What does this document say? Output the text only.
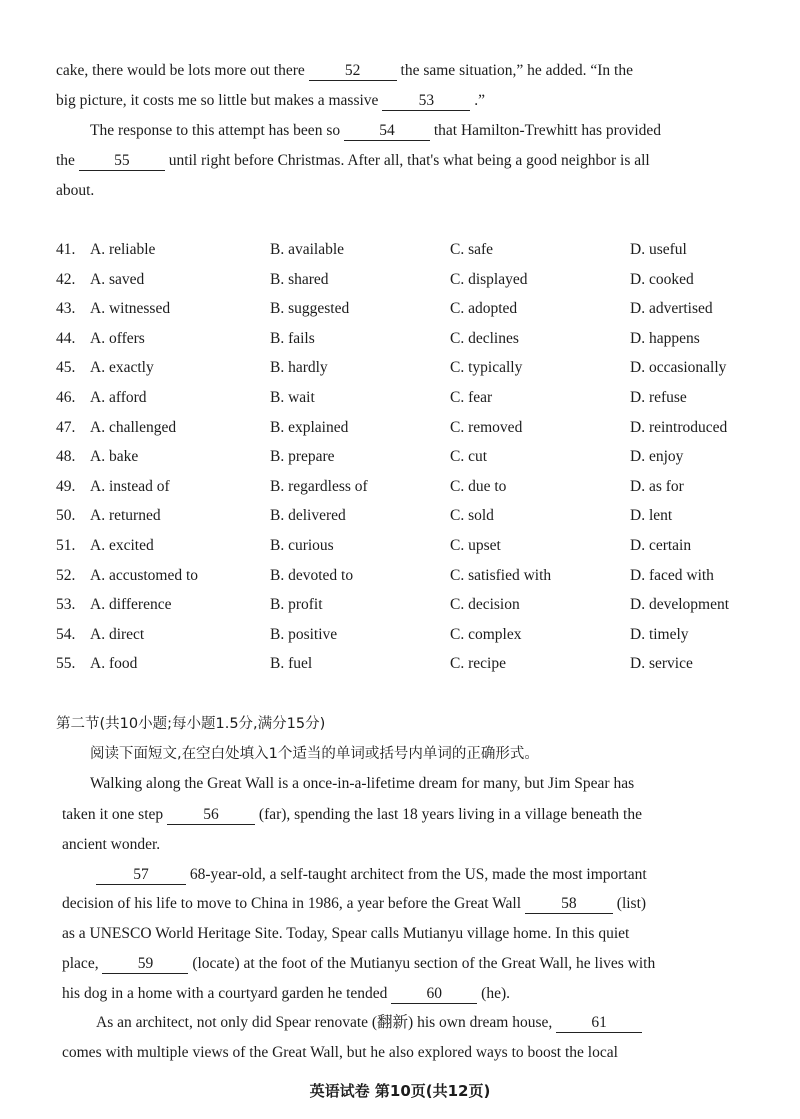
cake, there would be lots more out there	52	the same situation,” he added. “In the
big picture, it costs me so little but makes a massive	53	.”
The response to this attempt has been so	54	that Hamilton-Trewhitt has provided
the	55	until right before Christmas. After all, that's what being a good neighbor is all
about.
41. A. reliable	B. available	C. safe	D. useful
42. A. saved	B. shared	C. displayed	D. cooked
43. A. witnessed	B. suggested	C. adopted	D. advertised
44. A. offers	B. fails	C. declines	D. happens
45. A. exactly	B. hardly	C. typically	D. occasionally
46. A. afford	B. wait	C. fear	D. refuse
47. A. challenged	B. explained	C. removed	D. reintroduced
48. A. bake	B. prepare	C. cut	D. enjoy
49. A. instead of	B. regardless of	C. due to	D. as for
50. A. returned	B. delivered	C. sold	D. lent
51. A. excited	B. curious	C. upset	D. certain
52. A. accustomed to	B. devoted to	C. satisfied with	D. faced with
53. A. difference	B. profit	C. decision	D. development
54. A. direct	B. positive	C. complex	D. timely
55. A. food	B. fuel	C. recipe	D. service
第二节(共10小题;每小题1.5分,满分15分)
阅读下面短文,在空白处填入1个适当的单词或括号内单词的正确形式。
Walking along the Great Wall is a once-in-a-lifetime dream for many, but Jim Spear has
taken it one step	56	(far), spending the last 18 years living in a village beneath the
ancient wonder.
57	68-year-old, a self-taught architect from the US, made the most important
decision of his life to move to China in 1986, a year before the Great Wall	58	(list)
as a UNESCO World Heritage Site. Today, Spear calls Mutianyu village home. In this quiet
place,	59	(locate) at the foot of the Mutianyu section of the Great Wall, he lives with
his dog in a home with a courtyard garden he tended	60	(he).
As an architect, not only did Spear renovate (翻新) his own dream house,	61
comes with multiple views of the Great Wall, but he also explored ways to boost the local
英语试卷 第10页(共12页)
